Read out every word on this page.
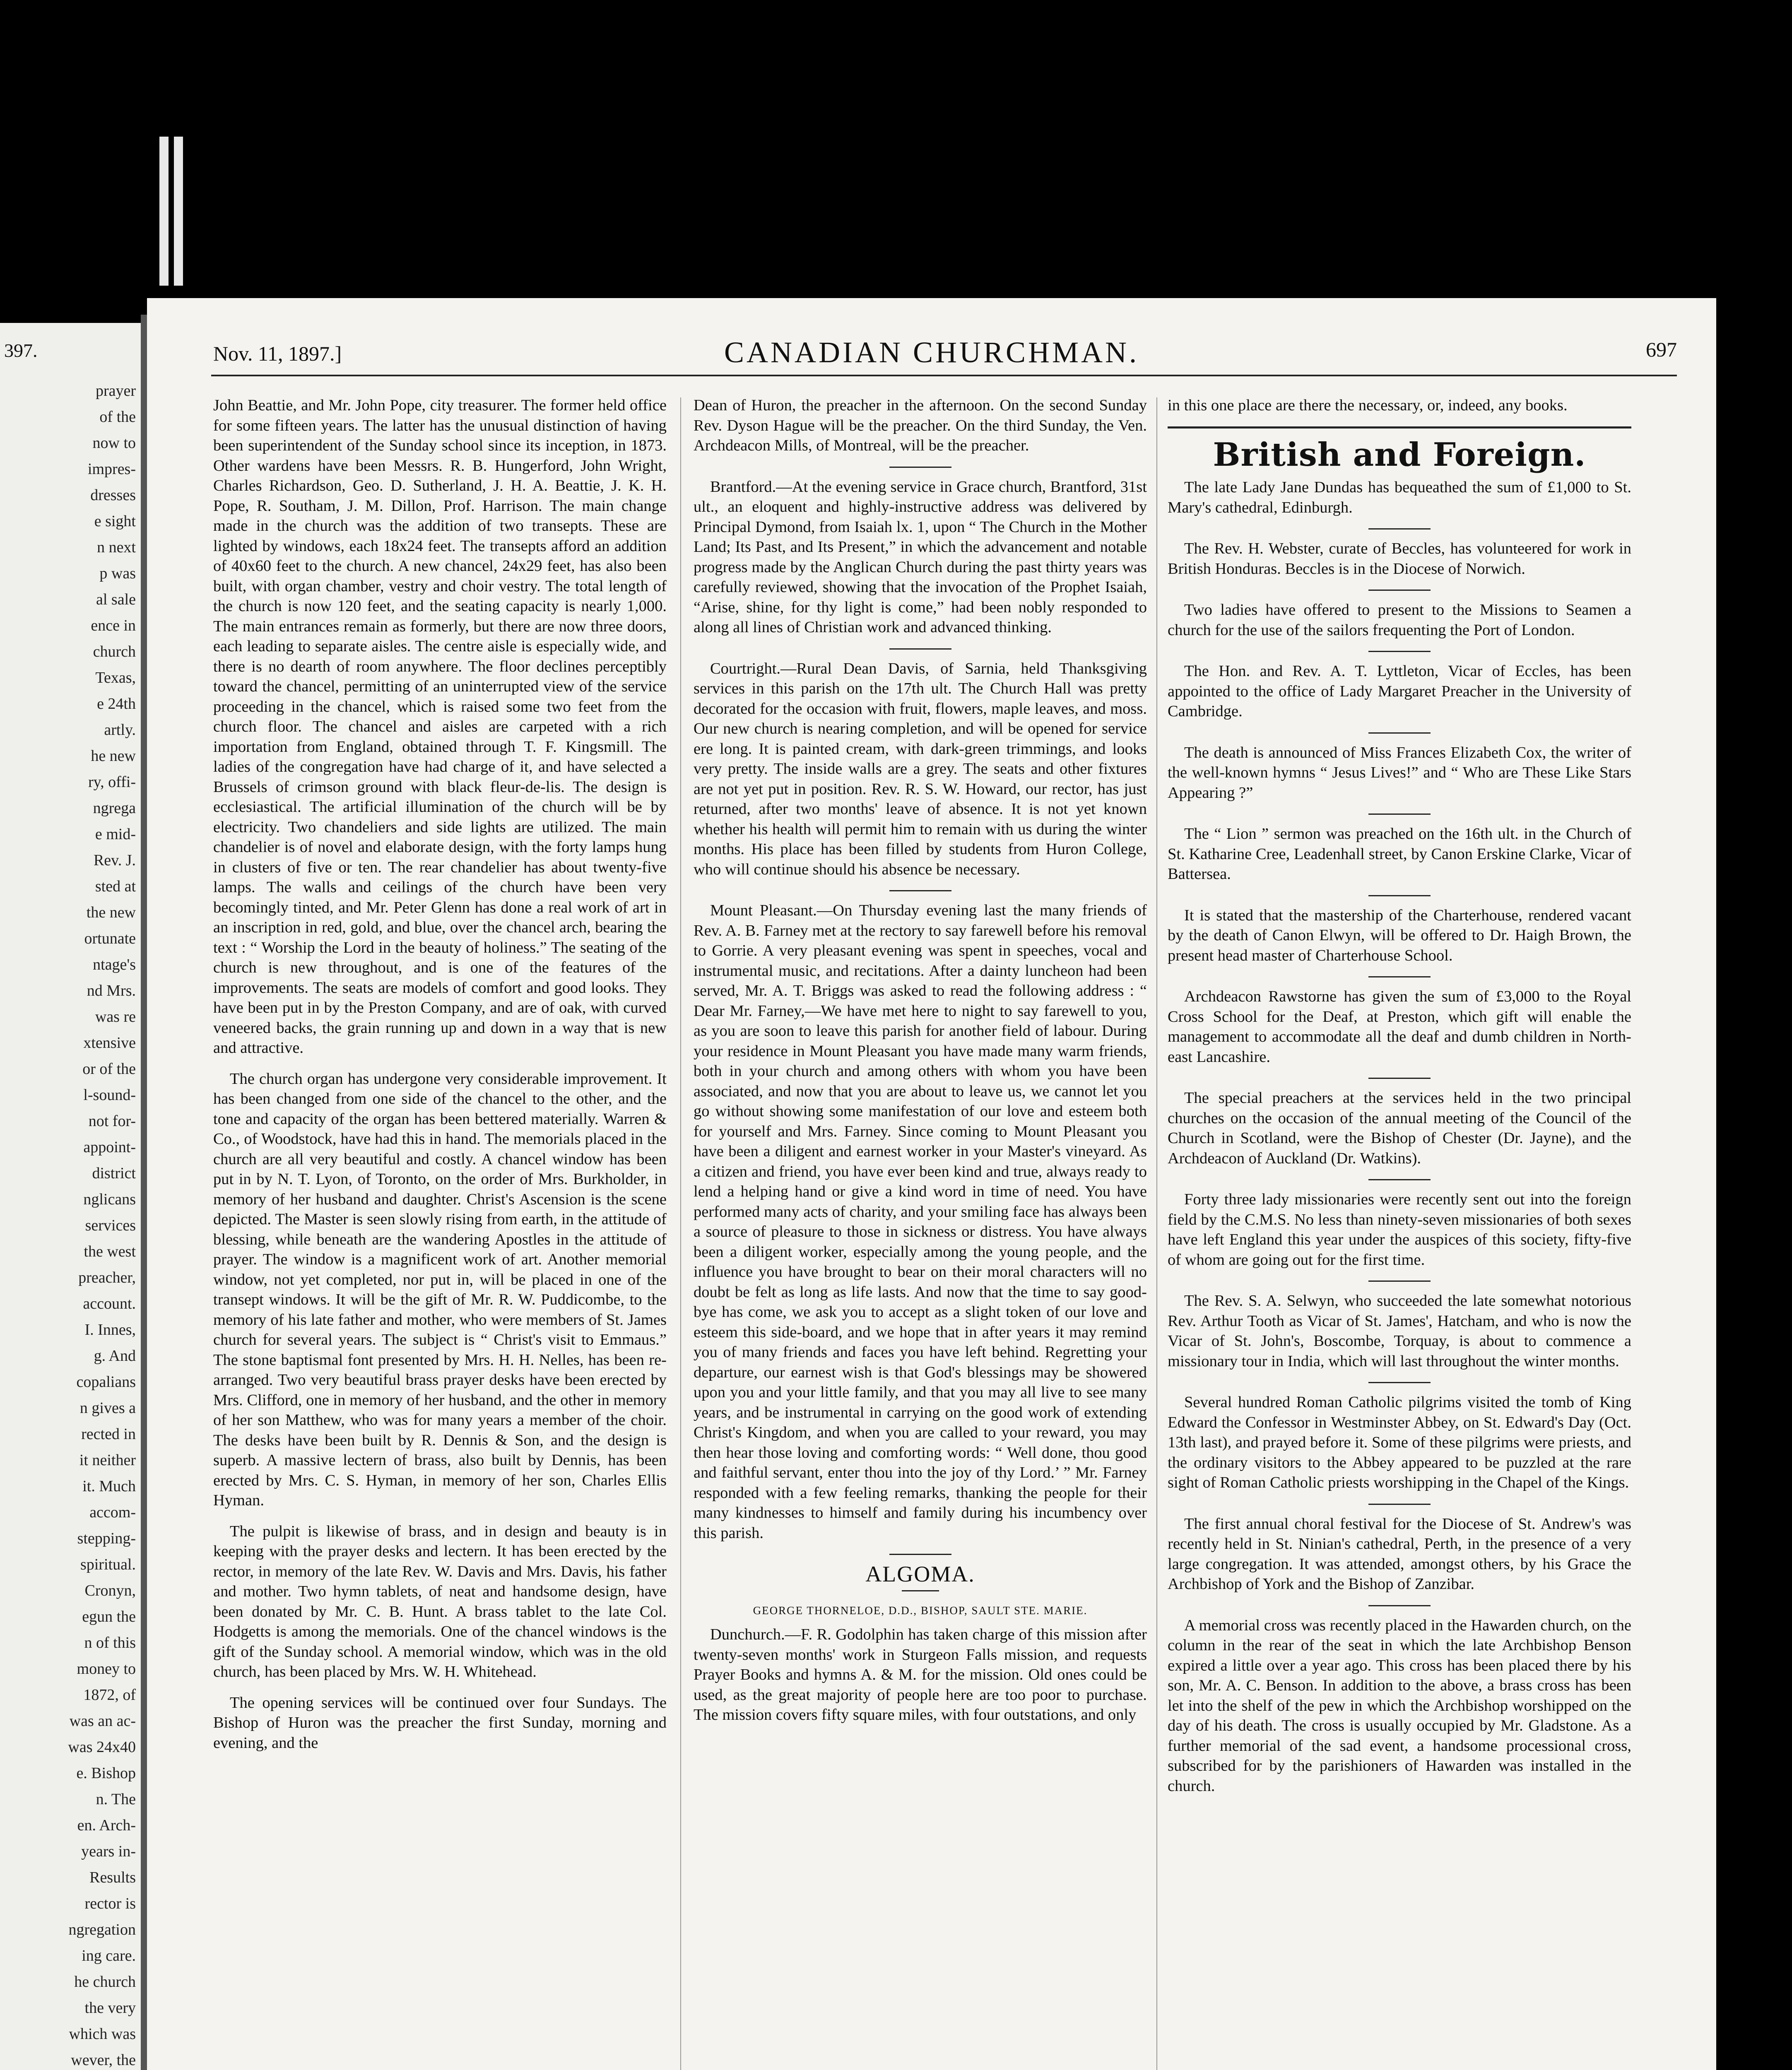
397.
prayer
of the
now to
impres-
dresses
e sight
n next
p was
al sale
ence in
church
Texas,
e 24th
artly.
he new
ry, offi-
ngrega
e mid-
Rev. J.
sted at
the new
ortunate
ntage's
nd Mrs.
was re
xtensive
or of the
l-sound-
not for-
appoint-
district
nglicans
services
the west
preacher,
account.
I. Innes,
g. And
copalians
n gives a
rected in
it neither
it. Much
accom-
stepping-
spiritual.
Cronyn,
egun the
n of this
money to
1872, of
was an ac-
was 24x40
e. Bishop
n. The
en. Arch-
years in-
Results
rector is
ngregation
ing care.
he church
the very
which was
wever, the
Nov. 11, 1897.]	CANADIAN CHURCHMAN.	697

John Beattie, and Mr. John Pope, city treasurer. The former held office for some fifteen years. The latter has the unusual distinction of having been superintendent of the Sunday school since its inception, in 1873. Other wardens have been Messrs. R. B. Hungerford, John Wright, Charles Richardson, Geo. D. Sutherland, J. H. A. Beattie, J. K. H. Pope, R. Southam, J. M. Dillon, Prof. Harrison. The main change made in the church was the addition of two transepts. These are lighted by windows, each 18x24 feet. The transepts afford an addition of 40x60 feet to the church. A new chancel, 24x29 feet, has also been built, with organ chamber, vestry and choir vestry. The total length of the church is now 120 feet, and the seating capacity is nearly 1,000. The main entrances remain as formerly, but there are now three doors, each leading to separate aisles. The centre aisle is especially wide, and there is no dearth of room anywhere. The floor declines perceptibly toward the chancel, permitting of an uninterrupted view of the service proceeding in the chancel, which is raised some two feet from the church floor. The chancel and aisles are carpeted with a rich importation from England, obtained through T. F. Kingsmill. The ladies of the congregation have had charge of it, and have selected a Brussels of crimson ground with black fleur-de-lis. The design is ecclesiastical. The artificial illumination of the church will be by electricity. Two chandeliers and side lights are utilized. The main chandelier is of novel and elaborate design, with the forty lamps hung in clusters of five or ten. The rear chandelier has about twenty-five lamps. The walls and ceilings of the church have been very becomingly tinted, and Mr. Peter Glenn has done a real work of art in an inscription in red, gold, and blue, over the chancel arch, bearing the text : “ Worship the Lord in the beauty of holiness.” The seating of the church is new throughout, and is one of the features of the improvements. The seats are models of comfort and good looks. They have been put in by the Preston Company, and are of oak, with curved veneered backs, the grain running up and down in a way that is new and attractive.

The church organ has undergone very considerable improvement. It has been changed from one side of the chancel to the other, and the tone and capacity of the organ has been bettered materially. Warren & Co., of Woodstock, have had this in hand. The memorials placed in the church are all very beautiful and costly. A chancel window has been put in by N. T. Lyon, of Toronto, on the order of Mrs. Burkholder, in memory of her husband and daughter. Christ's Ascension is the scene depicted. The Master is seen slowly rising from earth, in the attitude of blessing, while beneath are the wandering Apostles in the attitude of prayer. The window is a magnificent work of art. Another memorial window, not yet completed, nor put in, will be placed in one of the transept windows. It will be the gift of Mr. R. W. Puddicombe, to the memory of his late father and mother, who were members of St. James church for several years. The subject is “ Christ's visit to Emmaus.” The stone baptismal font presented by Mrs. H. H. Nelles, has been re-arranged. Two very beautiful brass prayer desks have been erected by Mrs. Clifford, one in memory of her husband, and the other in memory of her son Matthew, who was for many years a member of the choir. The desks have been built by R. Dennis & Son, and the design is superb. A massive lectern of brass, also built by Dennis, has been erected by Mrs. C. S. Hyman, in memory of her son, Charles Ellis Hyman.

The pulpit is likewise of brass, and in design and beauty is in keeping with the prayer desks and lectern. It has been erected by the rector, in memory of the late Rev. W. Davis and Mrs. Davis, his father and mother. Two hymn tablets, of neat and handsome design, have been donated by Mr. C. B. Hunt. A brass tablet to the late Col. Hodgetts is among the memorials. One of the chancel windows is the gift of the Sunday school. A memorial window, which was in the old church, has been placed by Mrs. W. H. Whitehead.

The opening services will be continued over four Sundays. The Bishop of Huron was the preacher the first Sunday, morning and evening, and the

Dean of Huron, the preacher in the afternoon. On the second Sunday Rev. Dyson Hague will be the preacher. On the third Sunday, the Ven. Archdeacon Mills, of Montreal, will be the preacher.

Brantford.—At the evening service in Grace church, Brantford, 31st ult., an eloquent and highly-instructive address was delivered by Principal Dymond, from Isaiah lx. 1, upon “ The Church in the Mother Land; Its Past, and Its Present,” in which the advancement and notable progress made by the Anglican Church during the past thirty years was carefully reviewed, showing that the invocation of the Prophet Isaiah, “Arise, shine, for thy light is come,” had been nobly responded to along all lines of Christian work and advanced thinking.

Courtright.—Rural Dean Davis, of Sarnia, held Thanksgiving services in this parish on the 17th ult. The Church Hall was pretty decorated for the occasion with fruit, flowers, maple leaves, and moss. Our new church is nearing completion, and will be opened for service ere long. It is painted cream, with dark-green trimmings, and looks very pretty. The inside walls are a grey. The seats and other fixtures are not yet put in position. Rev. R. S. W. Howard, our rector, has just returned, after two months' leave of absence. It is not yet known whether his health will permit him to remain with us during the winter months. His place has been filled by students from Huron College, who will continue should his absence be necessary.

Mount Pleasant.—On Thursday evening last the many friends of Rev. A. B. Farney met at the rectory to say farewell before his removal to Gorrie. A very pleasant evening was spent in speeches, vocal and instrumental music, and recitations. After a dainty luncheon had been served, Mr. A. T. Briggs was asked to read the following address : “ Dear Mr. Farney,—We have met here to night to say farewell to you, as you are soon to leave this parish for another field of labour. During your residence in Mount Pleasant you have made many warm friends, both in your church and among others with whom you have been associated, and now that you are about to leave us, we cannot let you go without showing some manifestation of our love and esteem both for yourself and Mrs. Farney. Since coming to Mount Pleasant you have been a diligent and earnest worker in your Master's vineyard. As a citizen and friend, you have ever been kind and true, always ready to lend a helping hand or give a kind word in time of need. You have performed many acts of charity, and your smiling face has always been a source of pleasure to those in sickness or distress. You have always been a diligent worker, especially among the young people, and the influence you have brought to bear on their moral characters will no doubt be felt as long as life lasts. And now that the time to say good-bye has come, we ask you to accept as a slight token of our love and esteem this side-board, and we hope that in after years it may remind you of many friends and faces you have left behind. Regretting your departure, our earnest wish is that God's blessings may be showered upon you and your little family, and that you may all live to see many years, and be instrumental in carrying on the good work of extending Christ's Kingdom, and when you are called to your reward, you may then hear those loving and comforting words: “ Well done, thou good and faithful servant, enter thou into the joy of thy Lord.’ ” Mr. Farney responded with a few feeling remarks, thanking the people for their many kindnesses to himself and family during his incumbency over this parish.

ALGOMA.
GEORGE THORNELOE, D.D., BISHOP, SAULT STE. MARIE.

Dunchurch.—F. R. Godolphin has taken charge of this mission after twenty-seven months' work in Sturgeon Falls mission, and requests Prayer Books and hymns A. & M. for the mission. Old ones could be used, as the great majority of people here are too poor to purchase. The mission covers fifty square miles, with four outstations, and only

in this one place are there the necessary, or, indeed, any books.

British and Foreign.

The late Lady Jane Dundas has bequeathed the sum of £1,000 to St. Mary's cathedral, Edinburgh.

The Rev. H. Webster, curate of Beccles, has volunteered for work in British Honduras. Beccles is in the Diocese of Norwich.

Two ladies have offered to present to the Missions to Seamen a church for the use of the sailors frequenting the Port of London.

The Hon. and Rev. A. T. Lyttleton, Vicar of Eccles, has been appointed to the office of Lady Margaret Preacher in the University of Cambridge.

The death is announced of Miss Frances Elizabeth Cox, the writer of the well-known hymns “ Jesus Lives!” and “ Who are These Like Stars Appearing ?”

The “ Lion ” sermon was preached on the 16th ult. in the Church of St. Katharine Cree, Leadenhall street, by Canon Erskine Clarke, Vicar of Battersea.

It is stated that the mastership of the Charterhouse, rendered vacant by the death of Canon Elwyn, will be offered to Dr. Haigh Brown, the present head master of Charterhouse School.

Archdeacon Rawstorne has given the sum of £3,000 to the Royal Cross School for the Deaf, at Preston, which gift will enable the management to accommodate all the deaf and dumb children in North-east Lancashire.

The special preachers at the services held in the two principal churches on the occasion of the annual meeting of the Council of the Church in Scotland, were the Bishop of Chester (Dr. Jayne), and the Archdeacon of Auckland (Dr. Watkins).

Forty three lady missionaries were recently sent out into the foreign field by the C.M.S. No less than ninety-seven missionaries of both sexes have left England this year under the auspices of this society, fifty-five of whom are going out for the first time.

The Rev. S. A. Selwyn, who succeeded the late somewhat notorious Rev. Arthur Tooth as Vicar of St. James', Hatcham, and who is now the Vicar of St. John's, Boscombe, Torquay, is about to commence a missionary tour in India, which will last throughout the winter months.

Several hundred Roman Catholic pilgrims visited the tomb of King Edward the Confessor in Westminster Abbey, on St. Edward's Day (Oct. 13th last), and prayed before it. Some of these pilgrims were priests, and the ordinary visitors to the Abbey appeared to be puzzled at the rare sight of Roman Catholic priests worshipping in the Chapel of the Kings.

The first annual choral festival for the Diocese of St. Andrew's was recently held in St. Ninian's cathedral, Perth, in the presence of a very large congregation. It was attended, amongst others, by his Grace the Archbishop of York and the Bishop of Zanzibar.

A memorial cross was recently placed in the Hawarden church, on the column in the rear of the seat in which the late Archbishop Benson expired a little over a year ago. This cross has been placed there by his son, Mr. A. C. Benson. In addition to the above, a brass cross has been let into the shelf of the pew in which the Archbishop worshipped on the day of his death. The cross is usually occupied by Mr. Gladstone. As a further memorial of the sad event, a handsome processional cross, subscribed for by the parishioners of Hawarden was installed in the church.
